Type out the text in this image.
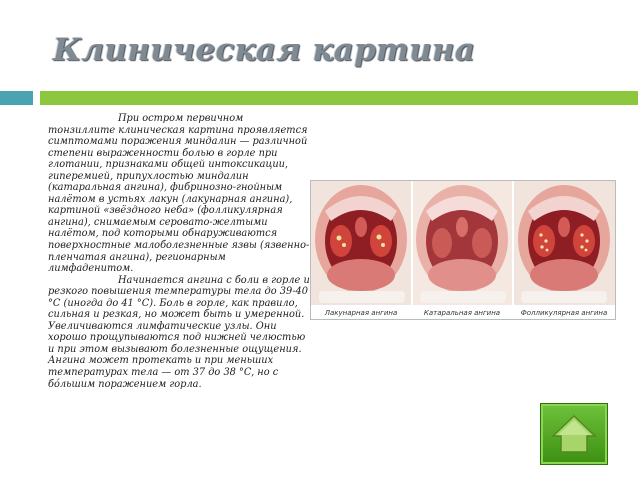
Клиническая картина

При остром первичном тонзиллите клиническая картина проявляется симптомами поражения миндалин — различной степени выраженности болью в горле при глотании, признаками общей интоксикации, гиперемией, припухлостью миндалин (катаральная ангина), фибринозно-гнойным налётом в устьях лакун (лакунарная ангина), картиной «звёздного неба» (фолликулярная ангина), снимаемым серовато-желтыми налётом, под которыми обнаруживаются поверхностные малоболезненные язвы (язвенно-пленчатая ангина), регионарным лимфаденитом.

Начинается ангина с боли в горле и резкого повышения температуры тела до 39-40 °C (иногда до 41 °C). Боль в горле, как правило, сильная и резкая, но может быть и умеренной. Увеличиваются лимфатические узлы. Они хорошо прощупываются под нижней челюстью и при этом вызывают болезненные ощущения. Ангина может протекать и при меньших температурах тела — от 37 до 38 °C, но с бо́льшим поражением горла.

Лакунарная ангина	Катаральная ангина	Фолликулярная ангина
